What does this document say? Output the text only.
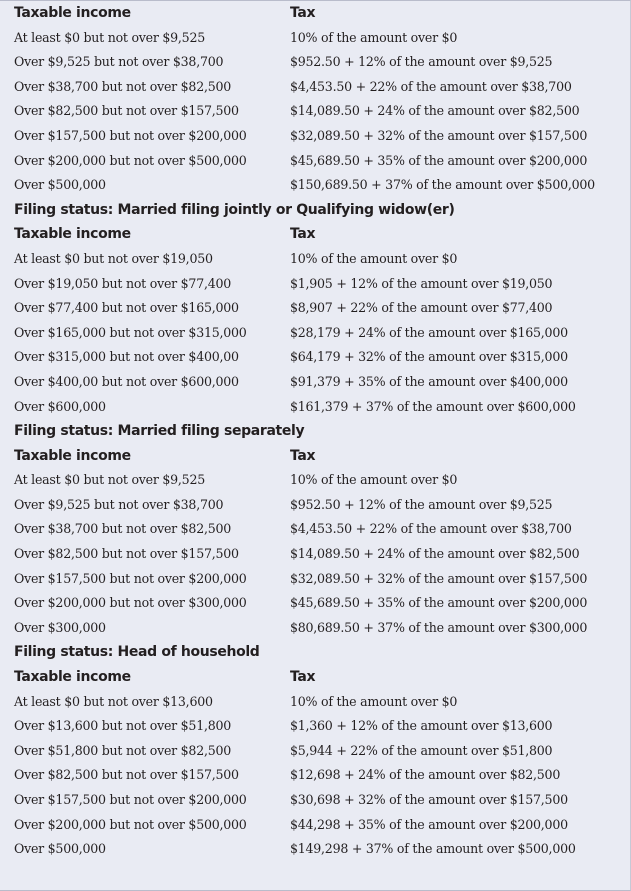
Taxable income	Tax
At least $0 but not over $9,525	10% of the amount over $0
Over $9,525 but not over $38,700	$952.50 + 12% of the amount over $9,525
Over $38,700 but not over $82,500	$4,453.50 + 22% of the amount over $38,700
Over $82,500 but not over $157,500	$14,089.50 + 24% of the amount over $82,500
Over $157,500 but not over $200,000	$32,089.50 + 32% of the amount over $157,500
Over $200,000 but not over $500,000	$45,689.50 + 35% of the amount over $200,000
Over $500,000	$150,689.50 + 37% of the amount over $500,000
Filing status: Married filing jointly or Qualifying widow(er)
Taxable income	Tax
At least $0 but not over $19,050	10% of the amount over $0
Over $19,050 but not over $77,400	$1,905 + 12% of the amount over $19,050
Over $77,400 but not over $165,000	$8,907 + 22% of the amount over $77,400
Over $165,000 but not over $315,000	$28,179 + 24% of the amount over $165,000
Over $315,000 but not over $400,00	$64,179 + 32% of the amount over $315,000
Over $400,00 but not over $600,000	$91,379 + 35% of the amount over $400,000
Over $600,000	$161,379 + 37% of the amount over $600,000
Filing status: Married filing separately
Taxable income	Tax
At least $0 but not over $9,525	10% of the amount over $0
Over $9,525 but not over $38,700	$952.50 + 12% of the amount over $9,525
Over $38,700 but not over $82,500	$4,453.50 + 22% of the amount over $38,700
Over $82,500 but not over $157,500	$14,089.50 + 24% of the amount over $82,500
Over $157,500 but not over $200,000	$32,089.50 + 32% of the amount over $157,500
Over $200,000 but not over $300,000	$45,689.50 + 35% of the amount over $200,000
Over $300,000	$80,689.50 + 37% of the amount over $300,000
Filing status: Head of household
Taxable income	Tax
At least $0 but not over $13,600	10% of the amount over $0
Over $13,600 but not over $51,800	$1,360 + 12% of the amount over $13,600
Over $51,800 but not over $82,500	$5,944 + 22% of the amount over $51,800
Over $82,500 but not over $157,500	$12,698 + 24% of the amount over $82,500
Over $157,500 but not over $200,000	$30,698 + 32% of the amount over $157,500
Over $200,000 but not over $500,000	$44,298 + 35% of the amount over $200,000
Over $500,000	$149,298 + 37% of the amount over $500,000
